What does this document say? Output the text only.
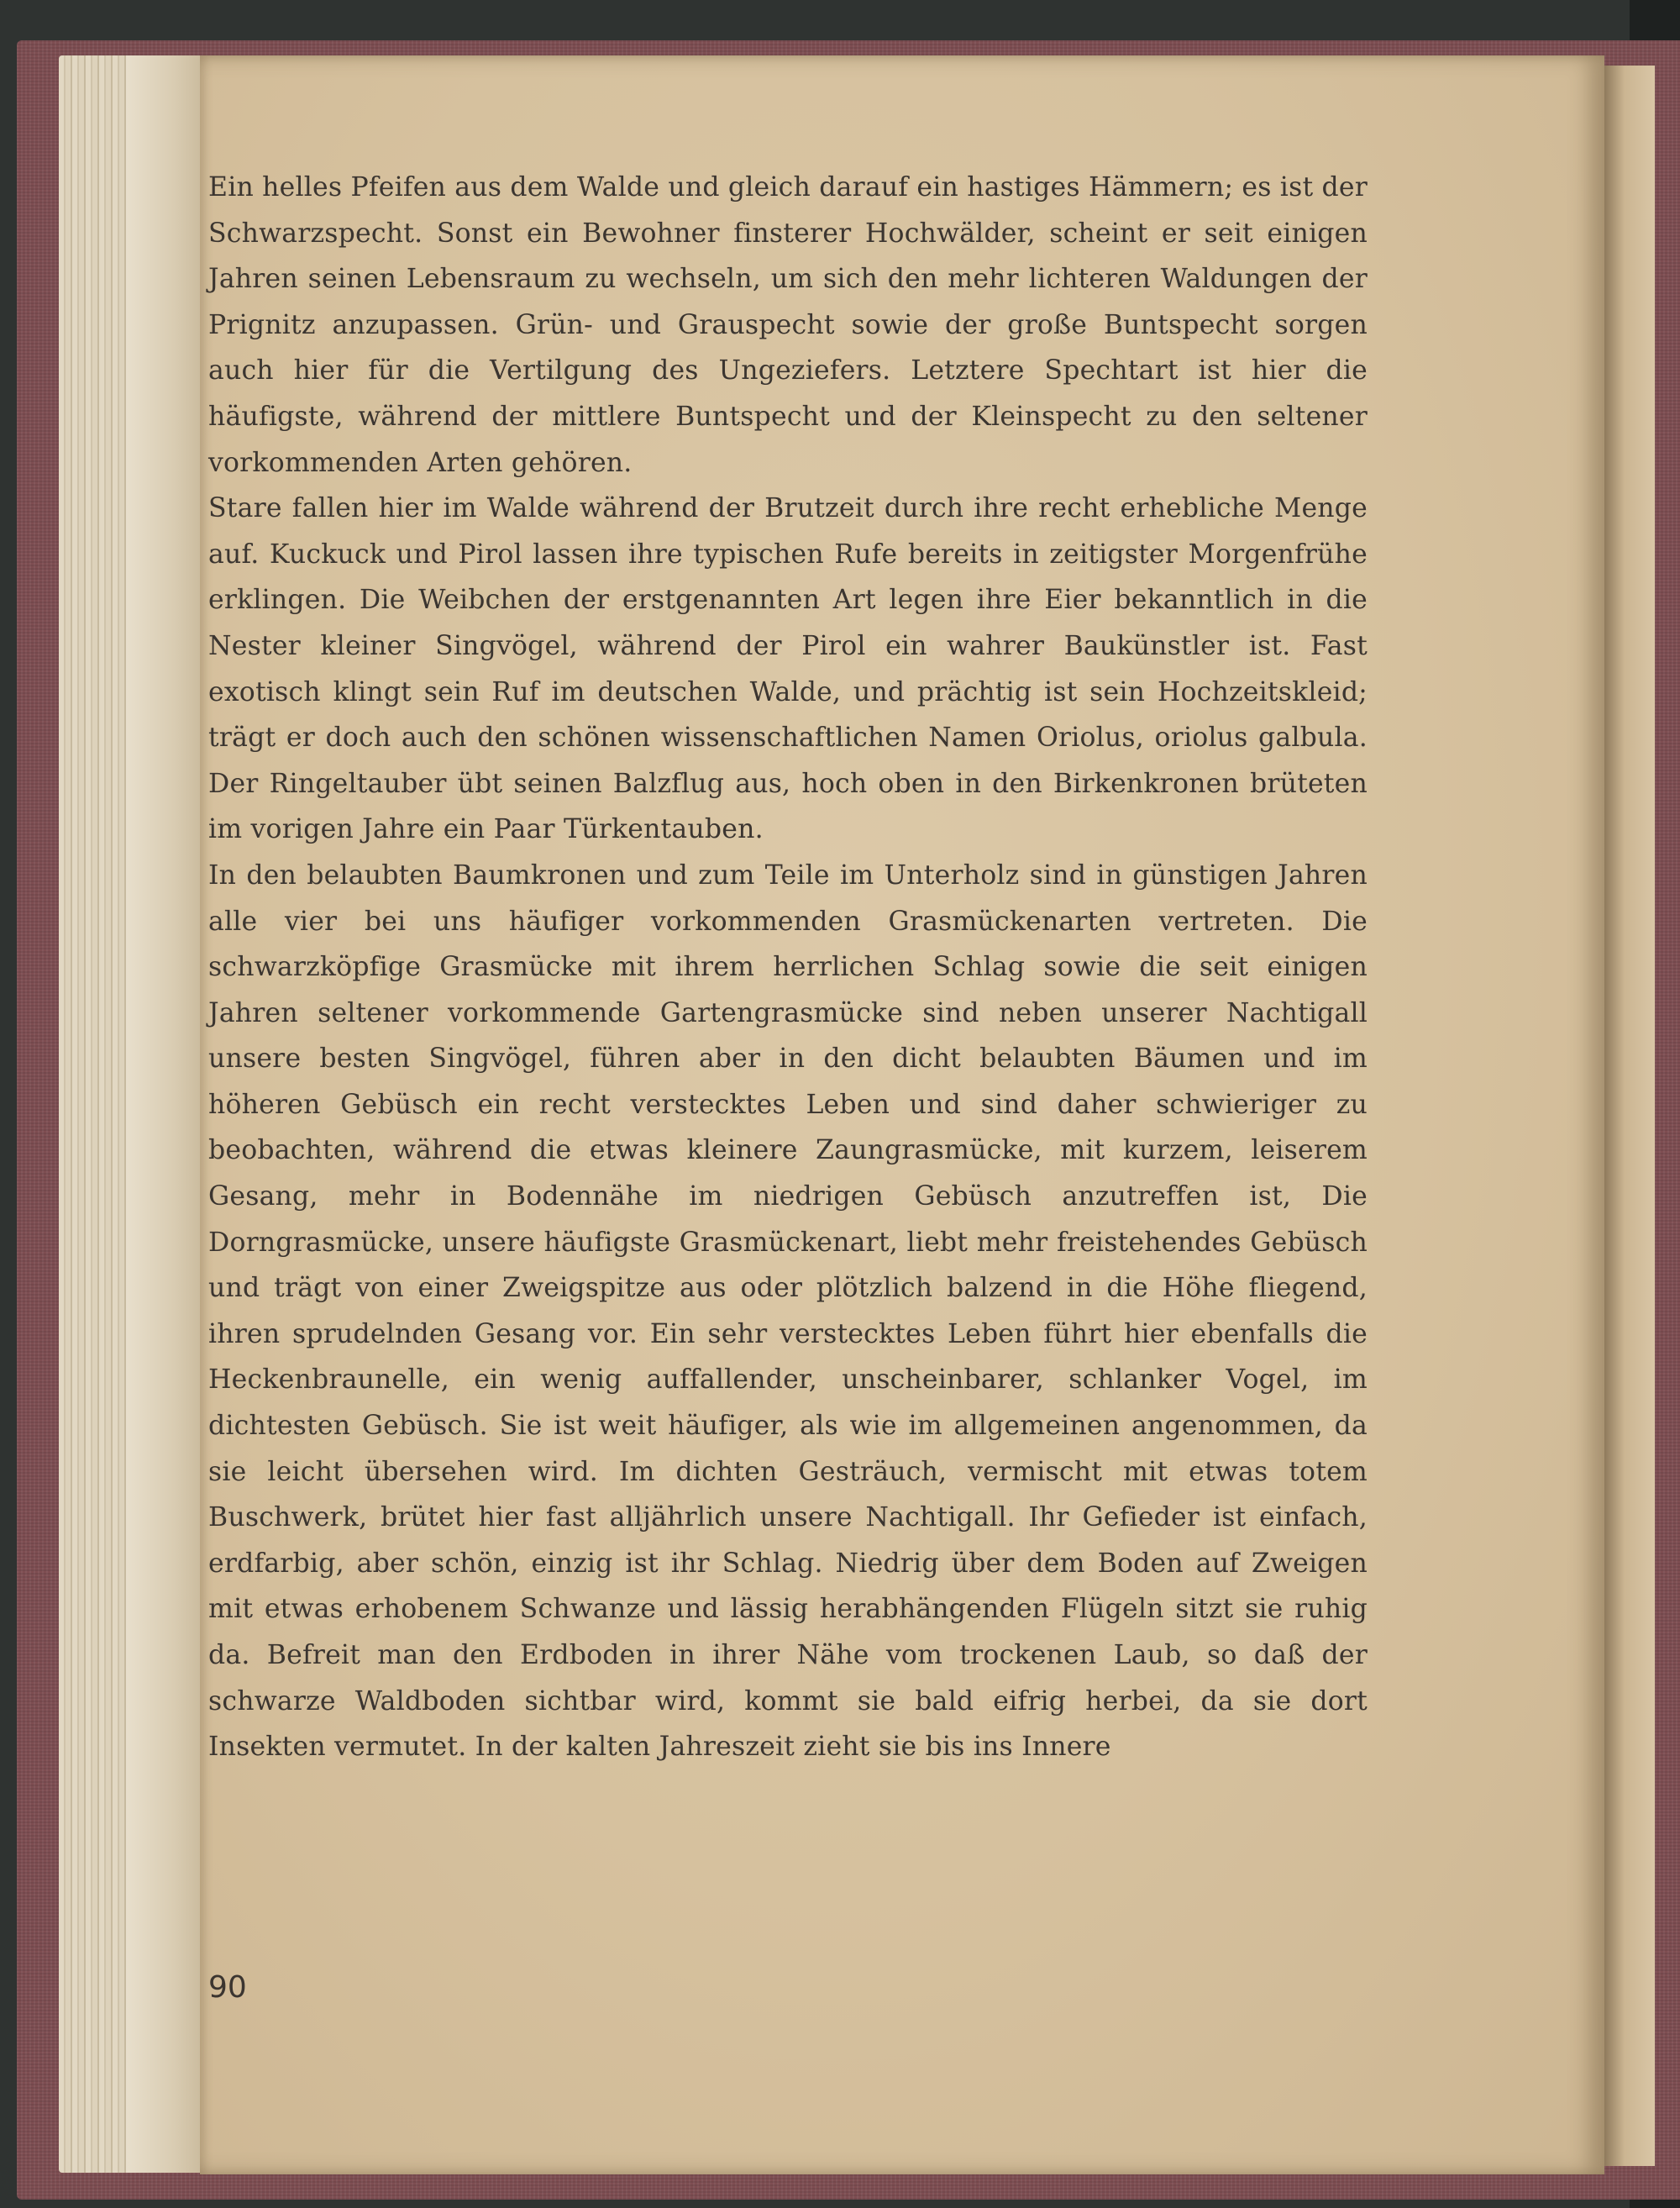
Ein helles Pfeifen aus dem Walde und gleich darauf ein hastiges Hämmern; es ist der Schwarzspecht. Sonst ein Bewohner finsterer Hochwälder, scheint er seit einigen Jahren seinen Lebensraum zu wechseln, um sich den mehr lichteren Waldungen der Prignitz anzupassen. Grün- und Grauspecht sowie der große Buntspecht sorgen auch hier für die Vertilgung des Ungeziefers. Letztere Spechtart ist hier die häufigste, während der mittlere Buntspecht und der Kleinspecht zu den seltener vorkommenden Arten gehören.

Stare fallen hier im Walde während der Brutzeit durch ihre recht erhebliche Menge auf. Kuckuck und Pirol lassen ihre typischen Rufe bereits in zeitigster Morgenfrühe erklingen. Die Weibchen der erstgenannten Art legen ihre Eier bekanntlich in die Nester kleiner Singvögel, während der Pirol ein wahrer Baukünstler ist. Fast exotisch klingt sein Ruf im deutschen Walde, und prächtig ist sein Hochzeitskleid; trägt er doch auch den schönen wissenschaftlichen Namen Oriolus, oriolus galbula. Der Ringeltauber übt seinen Balzflug aus, hoch oben in den Birkenkronen brüteten im vorigen Jahre ein Paar Türkentauben.

In den belaubten Baumkronen und zum Teile im Unterholz sind in günstigen Jahren alle vier bei uns häufiger vorkommenden Grasmückenarten vertreten. Die schwarzköpfige Grasmücke mit ihrem herrlichen Schlag sowie die seit einigen Jahren seltener vorkommende Gartengrasmücke sind neben unserer Nachtigall unsere besten Singvögel, führen aber in den dicht belaubten Bäumen und im höheren Gebüsch ein recht verstecktes Leben und sind daher schwieriger zu beobachten, während die etwas kleinere Zaungrasmücke, mit kurzem, leiserem Gesang, mehr in Bodennähe im niedrigen Gebüsch anzutreffen ist, Die Dorngrasmücke, unsere häufigste Grasmückenart, liebt mehr freistehendes Gebüsch und trägt von einer Zweigspitze aus oder plötzlich balzend in die Höhe fliegend, ihren sprudelnden Gesang vor. Ein sehr verstecktes Leben führt hier ebenfalls die Heckenbraunelle, ein wenig auffallender, unscheinbarer, schlanker Vogel, im dichtesten Gebüsch. Sie ist weit häufiger, als wie im allgemeinen angenommen, da sie leicht übersehen wird. Im dichten Gesträuch, vermischt mit etwas totem Buschwerk, brütet hier fast alljährlich unsere Nachtigall. Ihr Gefieder ist einfach, erdfarbig, aber schön, einzig ist ihr Schlag. Niedrig über dem Boden auf Zweigen mit etwas erhobenem Schwanze und lässig herabhängenden Flügeln sitzt sie ruhig da. Befreit man den Erdboden in ihrer Nähe vom trockenen Laub, so daß der schwarze Waldboden sichtbar wird, kommt sie bald eifrig herbei, da sie dort Insekten vermutet. In der kalten Jahreszeit zieht sie bis ins Innere

90
